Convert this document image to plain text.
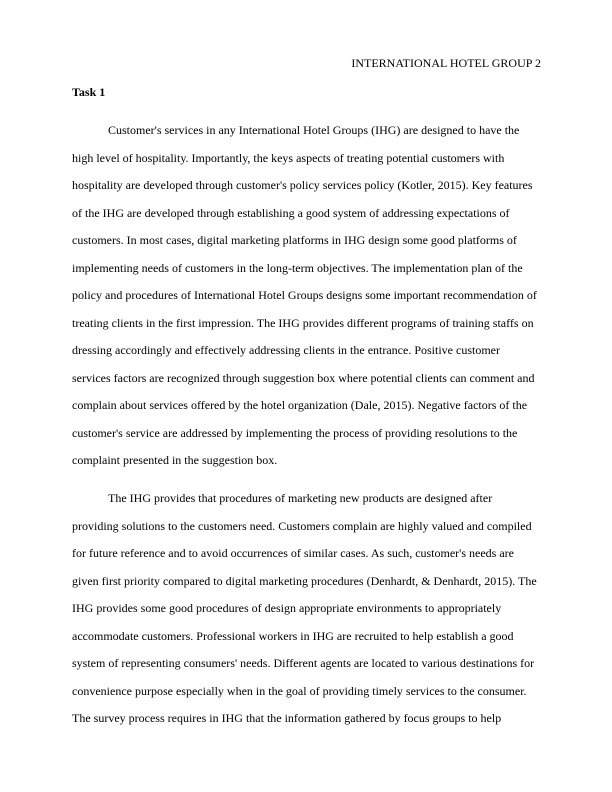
INTERNATIONAL HOTEL GROUP 2
Task 1
Customer's services in any International Hotel Groups (IHG) are designed to have the
high level of hospitality. Importantly, the keys aspects of treating potential customers with
hospitality are developed through customer's policy services policy (Kotler, 2015). Key features
of the IHG are developed through establishing a good system of addressing expectations of
customers. In most cases, digital marketing platforms in IHG design some good platforms of
implementing needs of customers in the long-term objectives. The implementation plan of the
policy and procedures of International Hotel Groups designs some important recommendation of
treating clients in the first impression. The IHG provides different programs of training staffs on
dressing accordingly and effectively addressing clients in the entrance. Positive customer
services factors are recognized through suggestion box where potential clients can comment and
complain about services offered by the hotel organization (Dale, 2015). Negative factors of the
customer's service are addressed by implementing the process of providing resolutions to the
complaint presented in the suggestion box.
The IHG provides that procedures of marketing new products are designed after
providing solutions to the customers need. Customers complain are highly valued and compiled
for future reference and to avoid occurrences of similar cases. As such, customer's needs are
given first priority compared to digital marketing procedures (Denhardt, & Denhardt, 2015). The
IHG provides some good procedures of design appropriate environments to appropriately
accommodate customers. Professional workers in IHG are recruited to help establish a good
system of representing consumers' needs. Different agents are located to various destinations for
convenience purpose especially when in the goal of providing timely services to the consumer.
The survey process requires in IHG that the information gathered by focus groups to help
